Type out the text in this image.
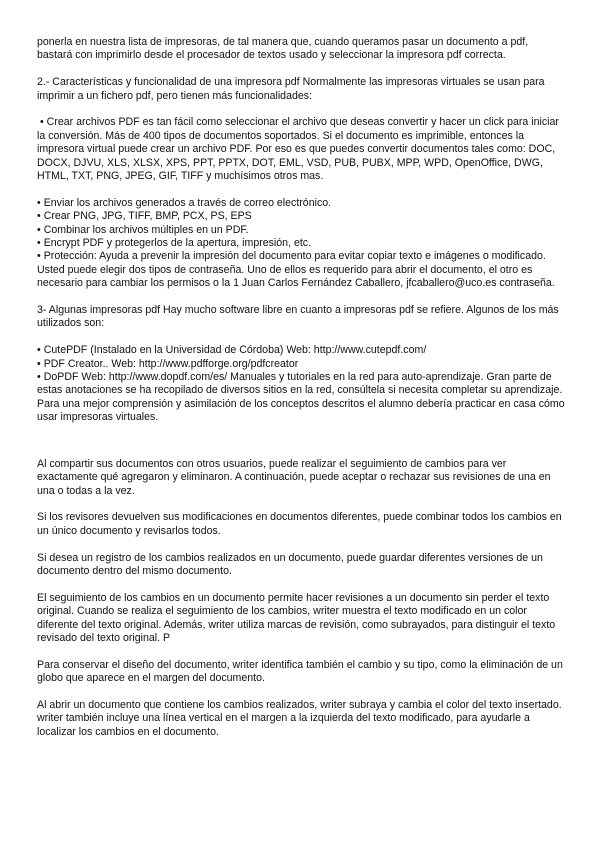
ponerla en nuestra lista de impresoras, de tal manera que, cuando queramos pasar un documento a pdf, bastará con imprimirlo desde el procesador de textos usado y seleccionar la impresora pdf correcta.

2.- Características y funcionalidad de una impresora pdf Normalmente las impresoras virtuales se usan para imprimir a un fichero pdf, pero tienen más funcionalidades:

• Crear archivos PDF es tan fácil como seleccionar el archivo que deseas convertir y hacer un click para iniciar la conversión. Más de 400 tipos de documentos soportados. Si el documento es imprimible, entonces la impresora virtual puede crear un archivo PDF. Por eso es que puedes convertir documentos tales como: DOC, DOCX, DJVU, XLS, XLSX, XPS, PPT, PPTX, DOT, EML, VSD, PUB, PUBX, MPP, WPD, OpenOffice, DWG, HTML, TXT, PNG, JPEG, GIF, TIFF y muchísimos otros mas.

• Enviar los archivos generados a través de correo electrónico.
• Crear PNG, JPG, TIFF, BMP, PCX, PS, EPS
• Combinar los archivos múltiples en un PDF.
• Encrypt PDF y protegerlos de la apertura, impresión, etc.
• Protección: Ayuda a prevenir la impresión del documento para evitar copiar texto e imágenes o modificado. Usted puede elegir dos tipos de contraseña. Uno de ellos es requerido para abrir el documento, el otro es necesario para cambiar los permisos o la 1 Juan Carlos Fernández Caballero, jfcaballero@uco.es contraseña.

3- Algunas impresoras pdf Hay mucho software libre en cuanto a impresoras pdf se refiere. Algunos de los más utilizados son:

• CutePDF (Instalado en la Universidad de Córdoba) Web: http://www.cutepdf.com/
• PDF Creator.. Web: http://www.pdfforge.org/pdfcreator
• DoPDF Web: http://www.dopdf.com/es/ Manuales y tutoriales en la red para auto-aprendizaje. Gran parte de estas anotaciones se ha recopilado de diversos sitios en la red, consúltela si necesita completar su aprendizaje. Para una mejor comprensión y asimilación de los conceptos descritos el alumno debería practicar en casa cómo usar impresoras virtuales.

Al compartir sus documentos con otros usuarios, puede realizar el seguimiento de cambios para ver exactamente qué agregaron y eliminaron. A continuación, puede aceptar o rechazar sus revisiones de una en una o todas a la vez.

Si los revisores devuelven sus modificaciones en documentos diferentes, puede combinar todos los cambios en un único documento y revisarlos todos.

Si desea un registro de los cambios realizados en un documento, puede guardar diferentes versiones de un documento dentro del mismo documento.

El seguimiento de los cambios en un documento permite hacer revisiones a un documento sin perder el texto original. Cuando se realiza el seguimiento de los cambios, writer muestra el texto modificado en un color diferente del texto original. Además, writer utiliza marcas de revisión, como subrayados, para distinguir el texto revisado del texto original. P

Para conservar el diseño del documento, writer identifica también el cambio y su tipo, como la eliminación de un globo que aparece en el margen del documento.

Al abrir un documento que contiene los cambios realizados, writer subraya y cambia el color del texto insertado. writer también incluye una línea vertical en el margen a la izquierda del texto modificado, para ayudarle a localizar los cambios en el documento.
